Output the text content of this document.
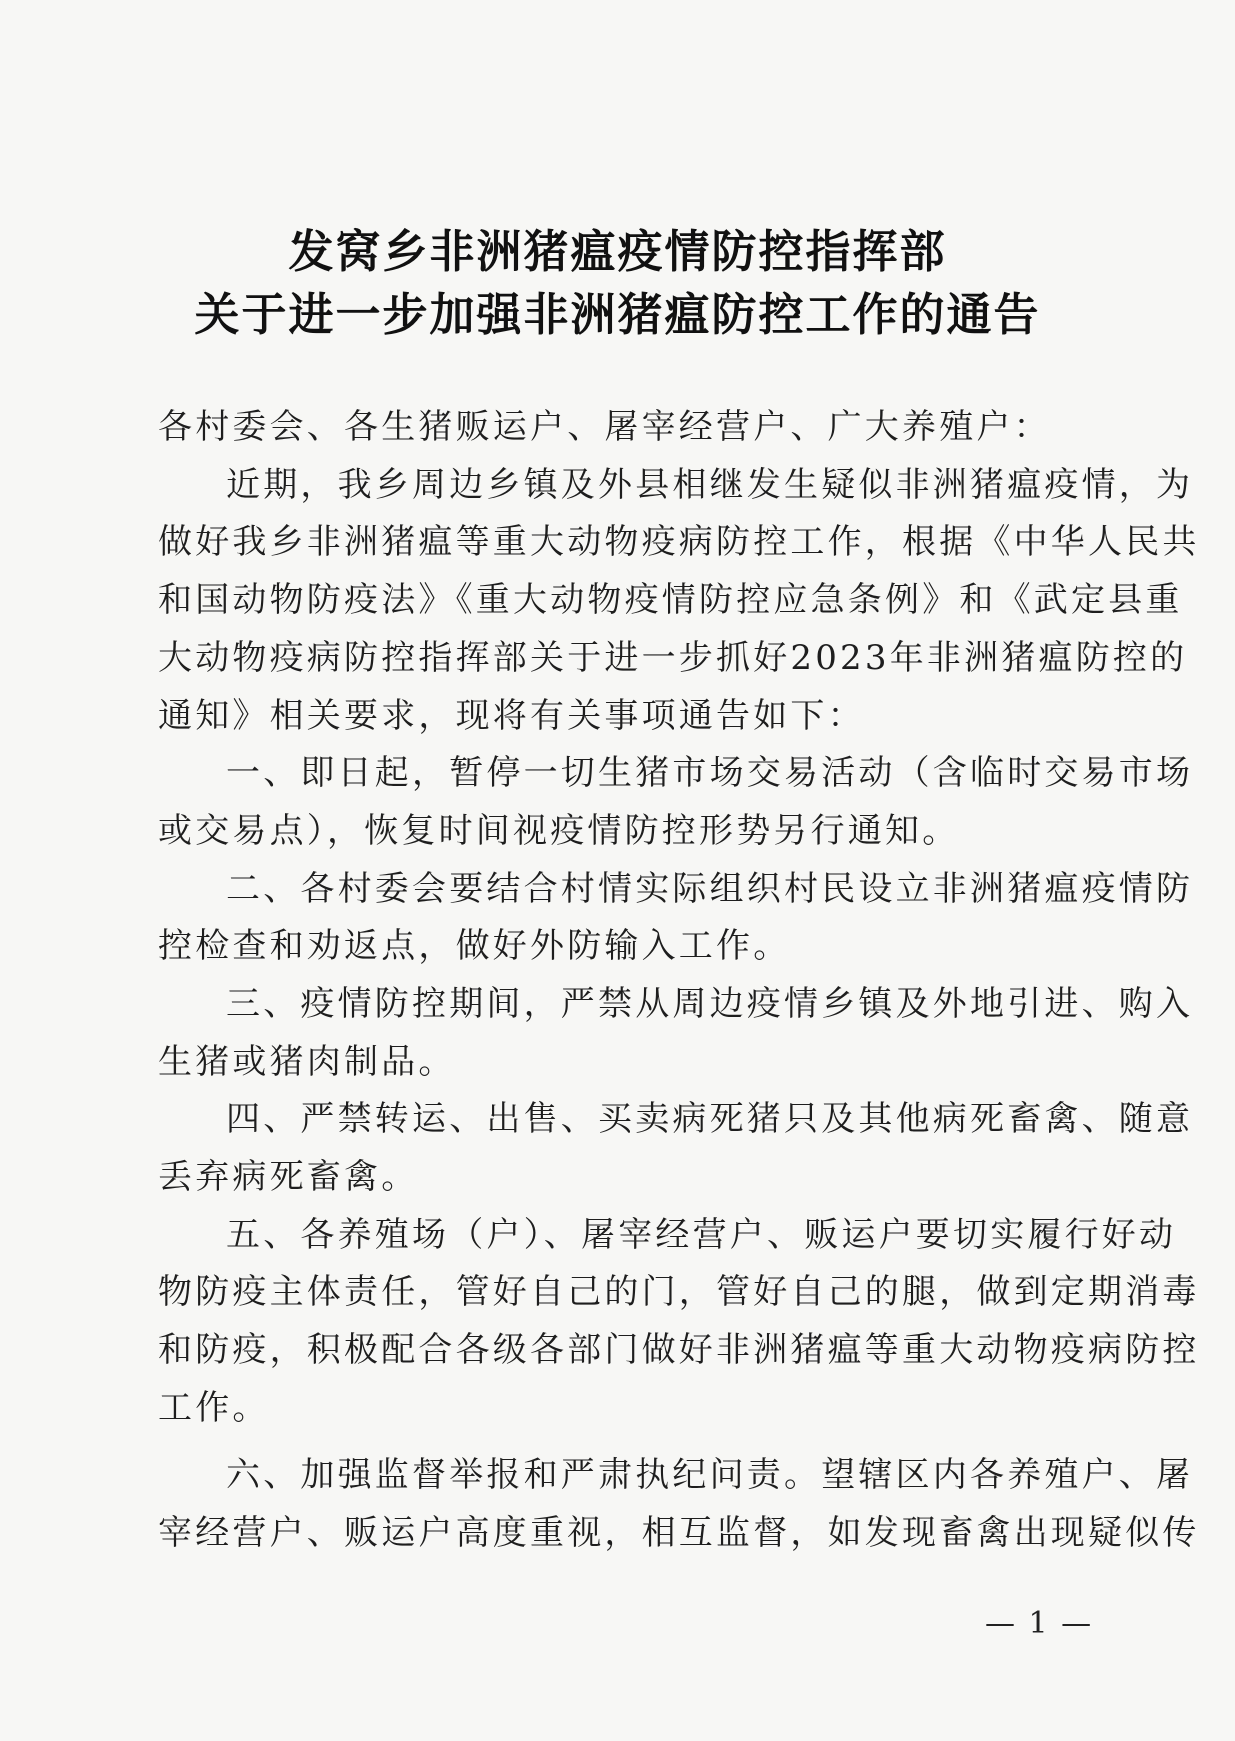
发窝乡非洲猪瘟疫情防控指挥部
关于进一步加强非洲猪瘟防控工作的通告
各村委会、各生猪贩运户、屠宰经营户、广大养殖户：
近期，我乡周边乡镇及外县相继发生疑似非洲猪瘟疫情，为
做好我乡非洲猪瘟等重大动物疫病防控工作，根据《中华人民共
和国动物防疫法》《重大动物疫情防控应急条例》和《武定县重
大动物疫病防控指挥部关于进一步抓好2023年非洲猪瘟防控的
通知》相关要求，现将有关事项通告如下：
一、即日起，暂停一切生猪市场交易活动（含临时交易市场
或交易点），恢复时间视疫情防控形势另行通知。
二、各村委会要结合村情实际组织村民设立非洲猪瘟疫情防
控检查和劝返点，做好外防输入工作。
三、疫情防控期间，严禁从周边疫情乡镇及外地引进、购入
生猪或猪肉制品。
四、严禁转运、出售、买卖病死猪只及其他病死畜禽、随意
丢弃病死畜禽。
五、各养殖场（户）、屠宰经营户、贩运户要切实履行好动
物防疫主体责任，管好自己的门，管好自己的腿，做到定期消毒
和防疫，积极配合各级各部门做好非洲猪瘟等重大动物疫病防控
工作。
六、加强监督举报和严肃执纪问责。望辖区内各养殖户、屠
宰经营户、贩运户高度重视，相互监督，如发现畜禽出现疑似传
— 1 —
